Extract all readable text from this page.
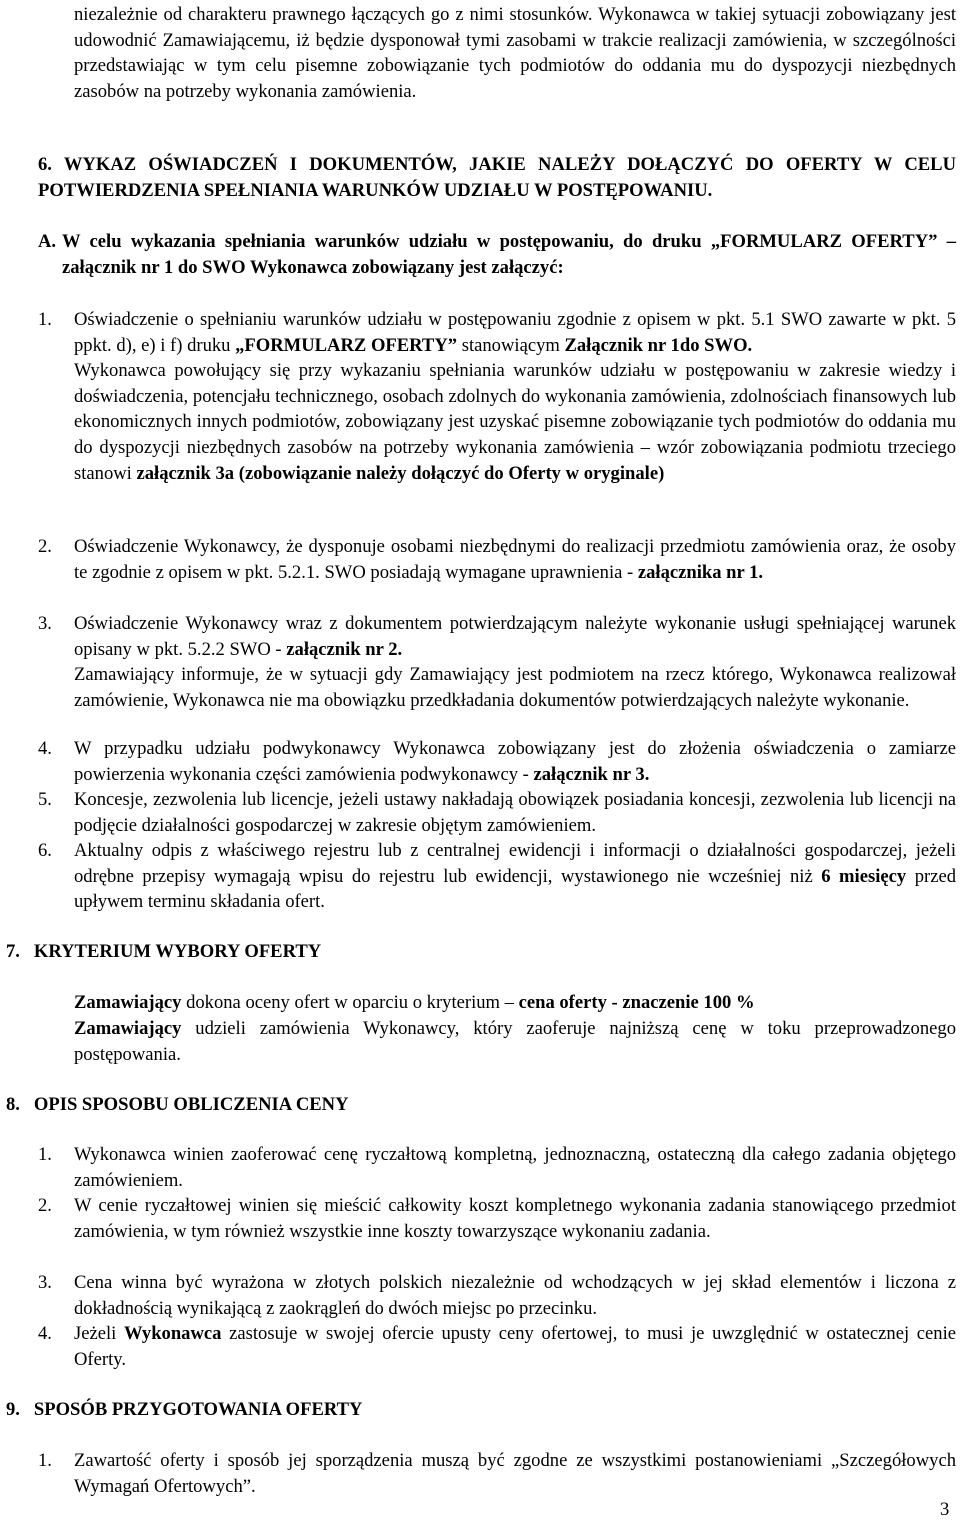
niezależnie od charakteru prawnego łączących go z nimi stosunków. Wykonawca w takiej sytuacji zobowiązany jest udowodnić Zamawiającemu, iż będzie dysponował tymi zasobami w trakcie realizacji zamówienia, w szczególności przedstawiając w tym celu pisemne zobowiązanie tych podmiotów do oddania mu do dyspozycji niezbędnych zasobów na potrzeby wykonania zamówienia.
6. WYKAZ OŚWIADCZEŃ I DOKUMENTÓW, JAKIE NALEŻY DOŁĄCZYĆ DO OFERTY W CELU POTWIERDZENIA SPEŁNIANIA WARUNKÓW UDZIAŁU W POSTĘPOWANIU.
A. W celu wykazania spełniania warunków udziału w postępowaniu, do druku „FORMULARZ OFERTY” – załącznik nr 1 do SWO Wykonawca zobowiązany jest załączyć:
1. Oświadczenie o spełnianiu warunków udziału w postępowaniu zgodnie z opisem w pkt. 5.1 SWO zawarte w pkt. 5 ppkt. d), e) i f) druku „FORMULARZ OFERTY” stanowiącym Załącznik nr 1do SWO.
Wykonawca powołujący się przy wykazaniu spełniania warunków udziału w postępowaniu w zakresie wiedzy i doświadczenia, potencjału technicznego, osobach zdolnych do wykonania zamówienia, zdolnościach finansowych lub ekonomicznych innych podmiotów, zobowiązany jest uzyskać pisemne zobowiązanie tych podmiotów do oddania mu do dyspozycji niezbędnych zasobów na potrzeby wykonania zamówienia – wzór zobowiązania podmiotu trzeciego stanowi załącznik 3a (zobowiązanie należy dołączyć do Oferty w oryginale)
2. Oświadczenie Wykonawcy, że dysponuje osobami niezbędnymi do realizacji przedmiotu zamówienia oraz, że osoby te zgodnie z opisem w pkt. 5.2.1. SWO posiadają wymagane uprawnienia - załącznika nr 1.
3. Oświadczenie Wykonawcy wraz z dokumentem potwierdzającym należyte wykonanie usługi spełniającej warunek opisany w pkt. 5.2.2 SWO - załącznik nr 2.
Zamawiający informuje, że w sytuacji gdy Zamawiający jest podmiotem na rzecz którego, Wykonawca realizował zamówienie, Wykonawca nie ma obowiązku przedkładania dokumentów potwierdzających należyte wykonanie.
4. W przypadku udziału podwykonawcy Wykonawca zobowiązany jest do złożenia oświadczenia o zamiarze powierzenia wykonania części zamówienia podwykonawcy - załącznik nr 3.
5. Koncesje, zezwolenia lub licencje, jeżeli ustawy nakładają obowiązek posiadania koncesji, zezwolenia lub licencji na podjęcie działalności gospodarczej w zakresie objętym zamówieniem.
6. Aktualny odpis z właściwego rejestru lub z centralnej ewidencji i informacji o działalności gospodarczej, jeżeli odrębne przepisy wymagają wpisu do rejestru lub ewidencji, wystawionego nie wcześniej niż 6 miesięcy przed upływem terminu składania ofert.
7.   KRYTERIUM WYBORY OFERTY
Zamawiający dokona oceny ofert w oparciu o kryterium – cena oferty - znaczenie 100 %
Zamawiający udzieli zamówienia Wykonawcy, który zaoferuje najniższą cenę w toku przeprowadzonego postępowania.
8.   OPIS SPOSOBU OBLICZENIA CENY
1. Wykonawca winien zaoferować cenę ryczałtową kompletną, jednoznaczną, ostateczną dla całego zadania objętego zamówieniem.
2. W cenie ryczałtowej winien się mieścić całkowity koszt kompletnego wykonania zadania stanowiącego przedmiot zamówienia, w tym również wszystkie inne koszty towarzyszące wykonaniu zadania.
3. Cena winna być wyrażona w złotych polskich niezależnie od wchodzących w jej skład elementów i liczona z dokładnością wynikającą z zaokrągleń do dwóch miejsc po przecinku.
4. Jeżeli Wykonawca zastosuje w swojej ofercie upusty ceny ofertowej, to musi je uwzględnić w ostatecznej cenie Oferty.
9.   SPOSÓB PRZYGOTOWANIA OFERTY
1. Zawartość oferty i sposób jej sporządzenia muszą być zgodne ze wszystkimi postanowieniami „Szczegółowych Wymagań Ofertowych”.
3
